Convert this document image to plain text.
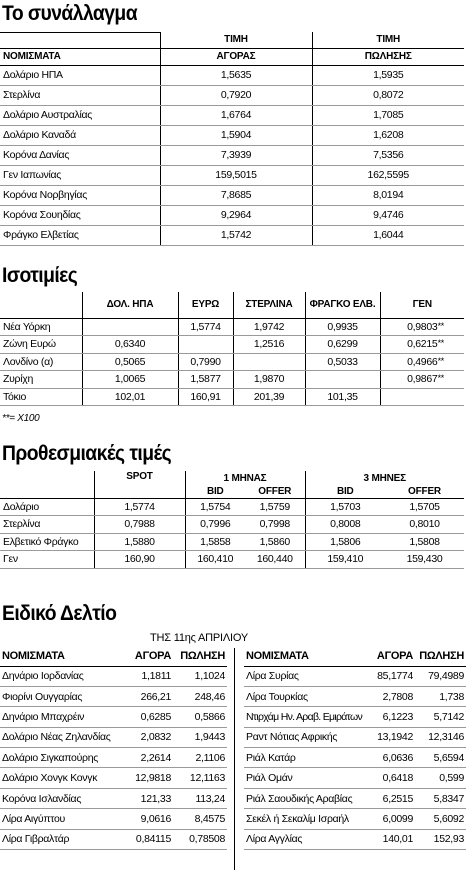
Το συνάλλαγμα
	ΤΙΜΗ	ΤΙΜΗ
ΝΟΜΙΣΜΑΤΑ	ΑΓΟΡΑΣ	ΠΩΛΗΣΗΣ
Δολάριο ΗΠΑ	1,5635	1,5935
Στερλίνα	0,7920	0,8072
Δολάριο Αυστραλίας	1,6764	1,7085
Δολάριο Καναδά	1,5904	1,6208
Κορόνα Δανίας	7,3939	7,5356
Γεν Ιαπωνίας	159,5015	162,5595
Κορόνα Νορβηγίας	7,8685	8,0194
Κορόνα Σουηδίας	9,2964	9,4746
Φράγκο Ελβετίας	1,5742	1,6044
Ισοτιμίες
	ΔΟΛ. ΗΠΑ	ΕΥΡΩ	ΣΤΕΡΛΙΝΑ	ΦΡΑΓΚΟ ΕΛΒ.	ΓΕΝ
Νέα Υόρκη		1,5774	1,9742	0,9935	0,9803 **

Ζώνη Ευρώ	0,6340		1,2516	0,6299	0,6215 **

Λονδίνο (α)	0,5065	0,7990		0,5033	0,4966 **

Ζυρίχη	1,0065	1,5877	1,9870		0,9867 **

Τόκιο	102,01	160,91	201,39	101,35	
**= X100
Προθεσμιακές τιμές
	SPOT	1 ΜΗΝΑΣ		3 ΜΗΝΕΣ	
		BID	OFFER	BID	OFFER
Δολάριο	1,5774	1,5754	1,5759	1,5703	1,5705
Στερλίνα	0,7988	0,7996	0,7998	0,8008	0,8010
Ελβετικό Φράγκο	1,5880	1,5858	1,5860	1,5806	1,5808
Γεν	160,90	160,410	160,440	159,410	159,430
Ειδικό Δελτίο
ΤΗΣ 11ης ΑΠΡΙΛΙΟΥ
ΝΟΜΙΣΜΑΤΑ	ΑΓΟΡΑ	ΠΩΛΗΣΗ
Δηνάριο Ιορδανίας	1,1811	1,1024
Φιορίνι Ουγγαρίας	266,21	248,46
Δηνάριο Μπαχρέιν	0,6285	0,5866
Δολάριο Νέας Ζηλανδίας	2,0832	1,9443
Δολάριο Σιγκαπούρης	2,2614	2,1106
Δολάριο Χονγκ Κονγκ	12,9818	12,1163
Κορόνα Ισλανδίας	121,33	113,24
Λίρα Αιγύπτου	9,0616	8,4575
Λίρα Γιβραλτάρ	0,84115	0,78508
ΝΟΜΙΣΜΑΤΑ	ΑΓΟΡΑ	ΠΩΛΗΣΗ
Λίρα Συρίας	85,1774	79,4989
Λίρα Τουρκίας	2,7808	1,738
Ντιρχάμ Ην. Αραβ. Εμιράτων	6,1223	5,7142
Ραντ Νότιας Αφρικής	13,1942	12,3146
Ριάλ Κατάρ	6,0636	5,6594
Ριάλ Ομάν	0,6418	0,599
Ριάλ Σαουδικής Αραβίας	6,2515	5,8347
Σεκέλ ή Σεκαλίμ Ισραήλ	6,0099	5,6092
Λίρα Αγγλίας	140,01	152,93
